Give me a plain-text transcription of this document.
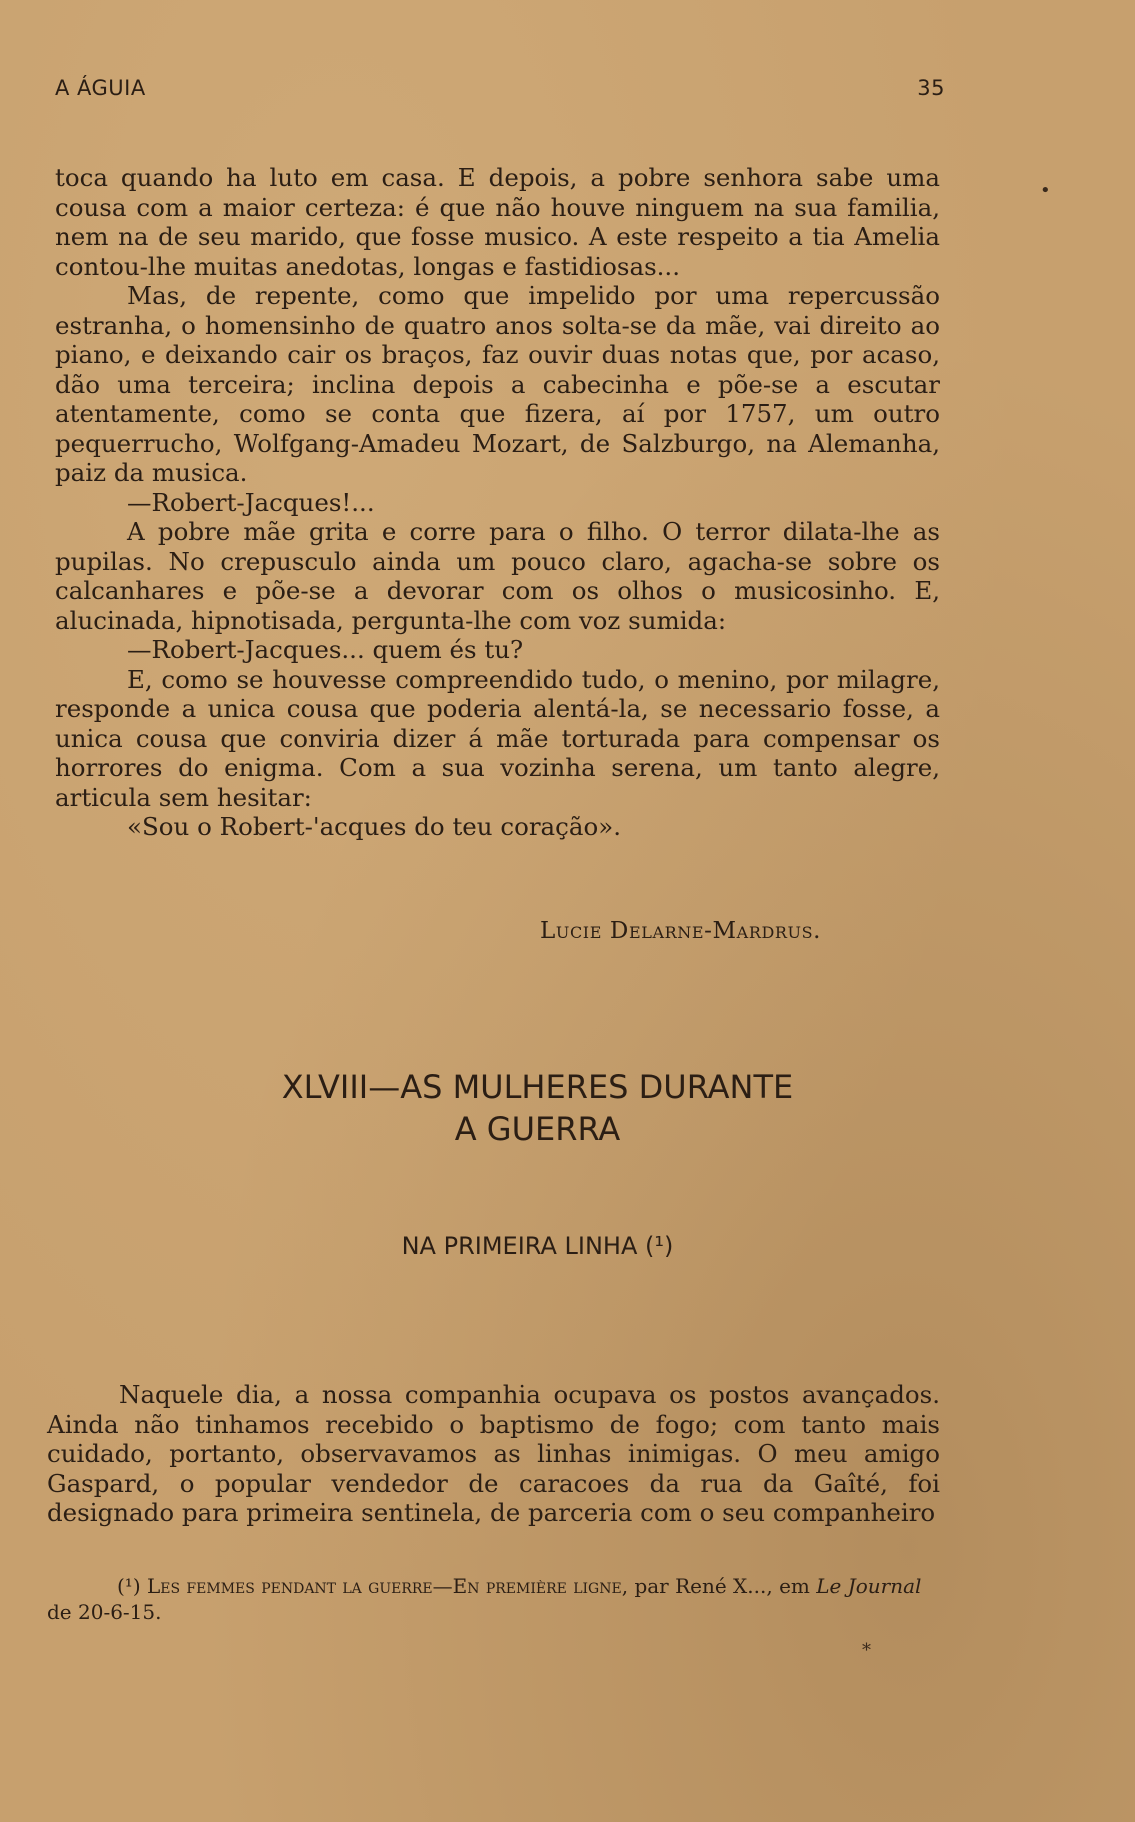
A ÁGUIA	35

toca quando ha luto em casa. E depois, a pobre senhora sabe uma cousa com a maior certeza: é que não houve ninguem na sua familia, nem na de seu marido, que fosse musico. A este respeito a tia Amelia contou-lhe muitas anedotas, longas e fastidiosas...

Mas, de repente, como que impelido por uma repercussão estranha, o homensinho de quatro anos solta-se da mãe, vai direito ao piano, e deixando cair os braços, faz ouvir duas notas que, por acaso, dão uma terceira; inclina depois a cabecinha e põe-se a escutar atentamente, como se conta que fizera, aí por 1757, um outro pequerrucho, Wolfgang-Amadeu Mozart, de Salzburgo, na Alemanha, paiz da musica.

—Robert-Jacques!...

A pobre mãe grita e corre para o filho. O terror dilata-lhe as pupilas. No crepusculo ainda um pouco claro, agacha-se sobre os calcanhares e põe-se a devorar com os olhos o musicosinho. E, alucinada, hipnotisada, pergunta-lhe com voz sumida:

—Robert-Jacques... quem és tu?

E, como se houvesse compreendido tudo, o menino, por milagre, responde a unica cousa que poderia alentá-la, se necessario fosse, a unica cousa que conviria dizer á mãe torturada para compensar os horrores do enigma. Com a sua vozinha serena, um tanto alegre, articula sem hesitar:

«Sou o Robert-'acques do teu coração».

Lucie Delarne-Mardrus.
XLVIII—AS MULHERES DURANTE
A GUERRA
NA PRIMEIRA LINHA (¹)

Naquele dia, a nossa companhia ocupava os postos avançados. Ainda não tinhamos recebido o baptismo de fogo; com tanto mais cuidado, portanto, observavamos as linhas inimigas. O meu amigo Gaspard, o popular vendedor de caracoes da rua da Gaîté, foi designado para primeira sentinela, de parceria com o seu companheiro

(¹) Les femmes pendant la guerre—En première ligne, par René X..., em Le Journal de 20-6-15.

•
*
